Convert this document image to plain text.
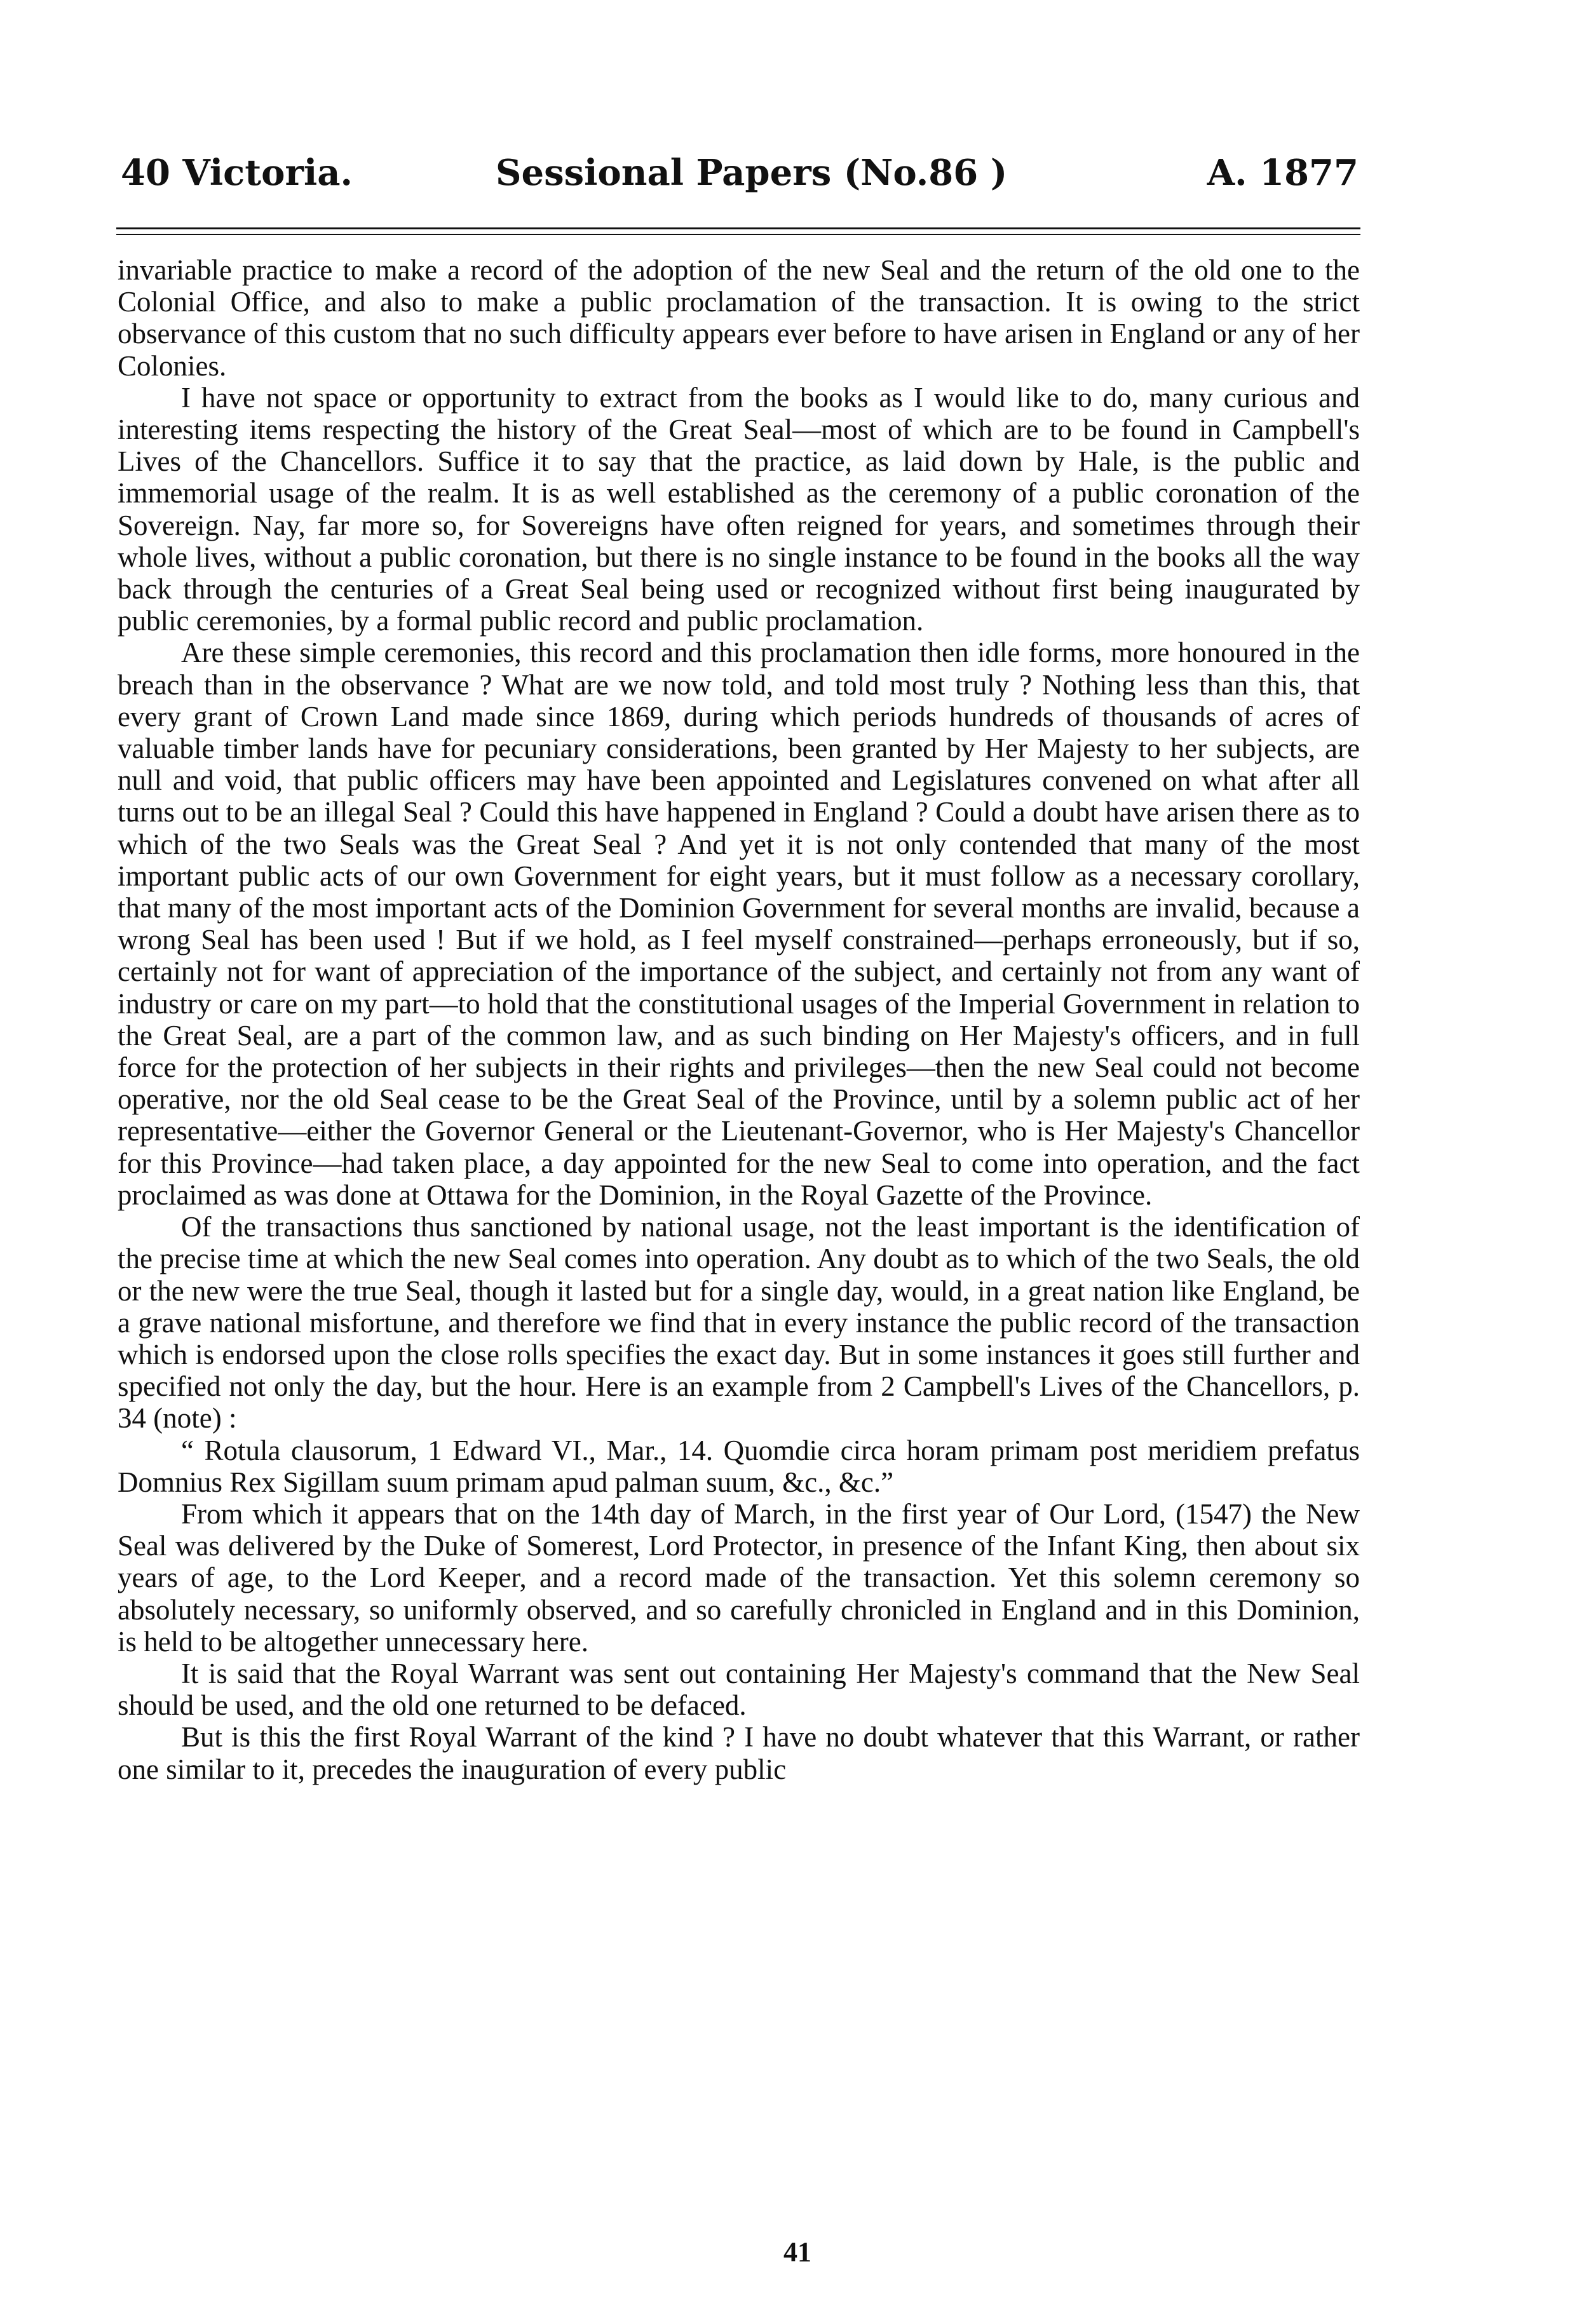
40 Victoria.	Sessional Papers (No.86 )	A. 1877

invariable practice to make a record of the adoption of the new Seal and the return of the old one to the Colonial Office, and also to make a public proclamation of the transaction. It is owing to the strict observance of this custom that no such difficulty appears ever before to have arisen in England or any of her Colonies.

I have not space or opportunity to extract from the books as I would like to do, many curious and interesting items respecting the history of the Great Seal—most of which are to be found in Campbell's Lives of the Chancellors. Suffice it to say that the practice, as laid down by Hale, is the public and immemorial usage of the realm. It is as well established as the ceremony of a public coronation of the Sovereign. Nay, far more so, for Sovereigns have often reigned for years, and sometimes through their whole lives, without a public coronation, but there is no single instance to be found in the books all the way back through the centuries of a Great Seal being used or recognized without first being inaugurated by public ceremonies, by a formal public record and public proclamation.

Are these simple ceremonies, this record and this proclamation then idle forms, more honoured in the breach than in the observance ? What are we now told, and told most truly ? Nothing less than this, that every grant of Crown Land made since 1869, during which periods hundreds of thousands of acres of valuable timber lands have for pecuniary considerations, been granted by Her Majesty to her subjects, are null and void, that public officers may have been appointed and Legislatures convened on what after all turns out to be an illegal Seal ? Could this have happened in England ? Could a doubt have arisen there as to which of the two Seals was the Great Seal ? And yet it is not only contended that many of the most important public acts of our own Government for eight years, but it must follow as a necessary corollary, that many of the most important acts of the Dominion Government for several months are invalid, because a wrong Seal has been used ! But if we hold, as I feel myself constrained—perhaps erroneously, but if so, certainly not for want of appreciation of the importance of the subject, and certainly not from any want of industry or care on my part—to hold that the constitutional usages of the Imperial Government in relation to the Great Seal, are a part of the common law, and as such binding on Her Majesty's officers, and in full force for the protection of her subjects in their rights and privileges—then the new Seal could not become operative, nor the old Seal cease to be the Great Seal of the Province, until by a solemn public act of her representative—either the Governor General or the Lieutenant-Governor, who is Her Majesty's Chancellor for this Province—had taken place, a day appointed for the new Seal to come into operation, and the fact proclaimed as was done at Ottawa for the Dominion, in the Royal Gazette of the Province.

Of the transactions thus sanctioned by national usage, not the least important is the identification of the precise time at which the new Seal comes into operation. Any doubt as to which of the two Seals, the old or the new were the true Seal, though it lasted but for a single day, would, in a great nation like England, be a grave national misfortune, and therefore we find that in every instance the public record of the transaction which is endorsed upon the close rolls specifies the exact day. But in some instances it goes still further and specified not only the day, but the hour. Here is an example from 2 Campbell's Lives of the Chancellors, p. 34 (note) :

“ Rotula clausorum, 1 Edward VI., Mar., 14. Quomdie circa horam primam post meridiem prefatus Domnius Rex Sigillam suum primam apud palman suum, &c., &c.”

From which it appears that on the 14th day of March, in the first year of Our Lord, (1547) the New Seal was delivered by the Duke of Somerest, Lord Protector, in presence of the Infant King, then about six years of age, to the Lord Keeper, and a record made of the transaction. Yet this solemn ceremony so absolutely necessary, so uniformly observed, and so carefully chronicled in England and in this Dominion, is held to be altogether unnecessary here.

It is said that the Royal Warrant was sent out containing Her Majesty's command that the New Seal should be used, and the old one returned to be defaced.

But is this the first Royal Warrant of the kind ? I have no doubt whatever that this Warrant, or rather one similar to it, precedes the inauguration of every public

41
